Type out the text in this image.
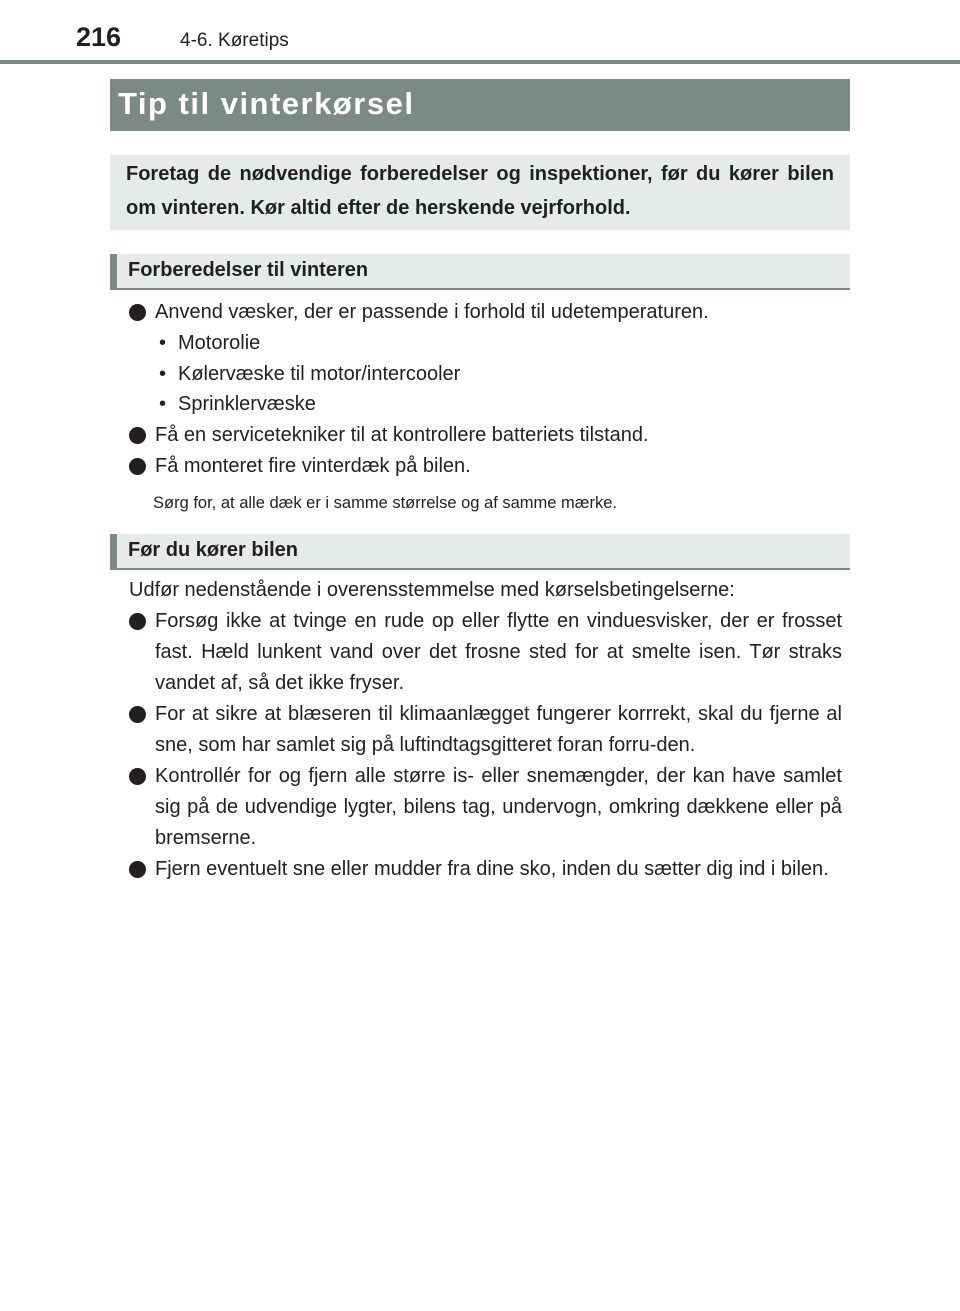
216	4-6. Køretips
Tip til vinterkørsel
Foretag de nødvendige forberedelser og inspektioner, før du kører bilen om vinteren. Kør altid efter de herskende vejrforhold.
Forberedelser til vinteren
Anvend væsker, der er passende i forhold til udetemperaturen.
• Motorolie
• Kølervæske til motor/intercooler
• Sprinklervæske
Få en servicetekniker til at kontrollere batteriets tilstand.
Få monteret fire vinterdæk på bilen.
Sørg for, at alle dæk er i samme størrelse og af samme mærke.
Før du kører bilen
Udfør nedenstående i overensstemmelse med kørselsbetingelserne:
Forsøg ikke at tvinge en rude op eller flytte en vinduesvisker, der er frosset fast. Hæld lunkent vand over det frosne sted for at smelte isen. Tør straks vandet af, så det ikke fryser.
For at sikre at blæseren til klimaanlægget fungerer korrrekt, skal du fjerne al sne, som har samlet sig på luftindtagsgitteret foran forru-den.
Kontrollér for og fjern alle større is- eller snemængder, der kan have samlet sig på de udvendige lygter, bilens tag, undervogn, omkring dækkene eller på bremserne.
Fjern eventuelt sne eller mudder fra dine sko, inden du sætter dig ind i bilen.
